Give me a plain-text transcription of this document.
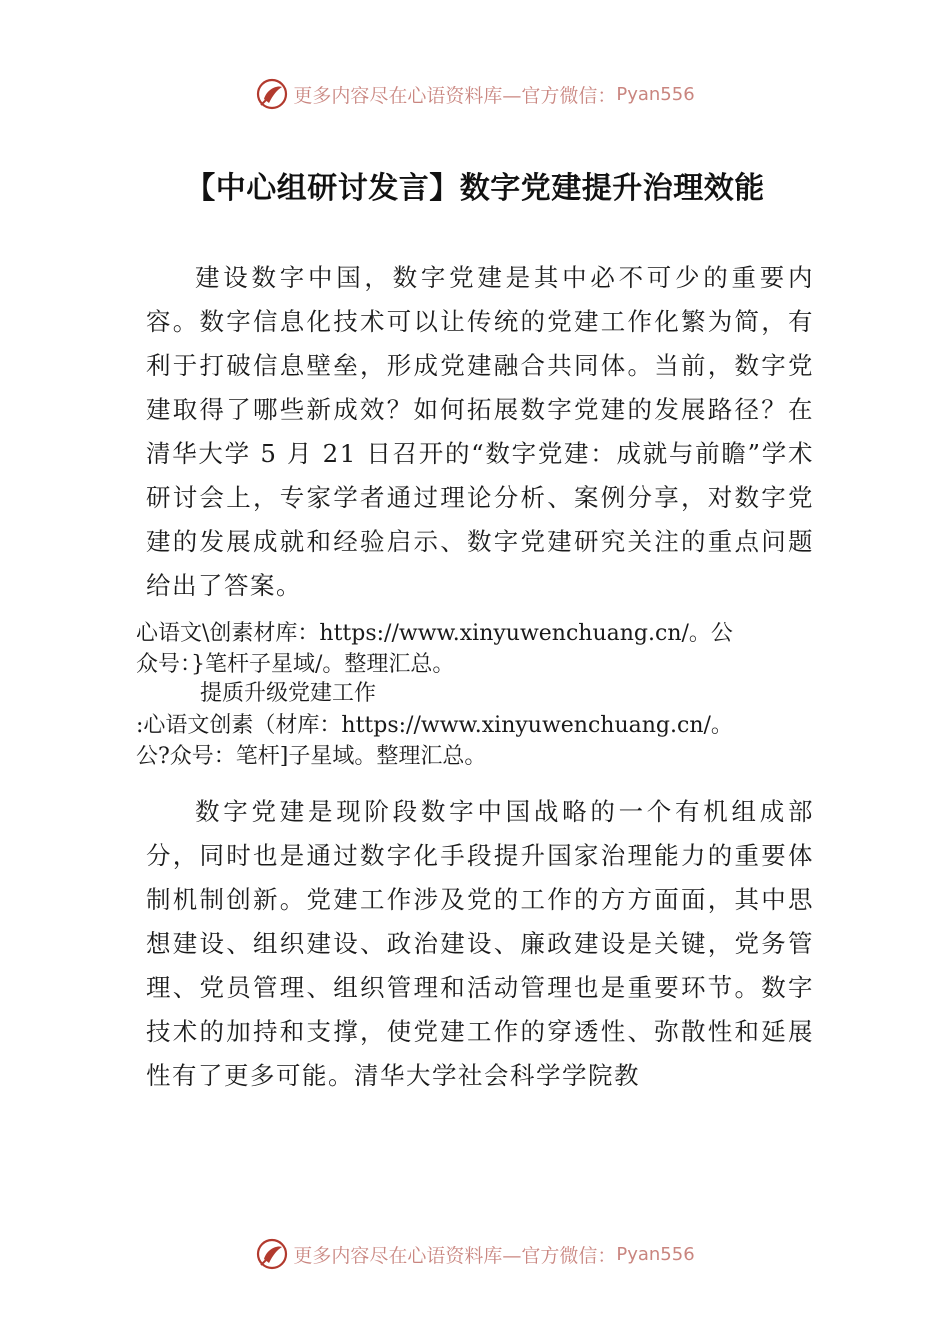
更多内容尽在心语资料库—官方微信： Pyan556
【中心组研讨发言】数字党建提升治理效能

建设数字中国，数字党建是其中必不可少的重要内容。数字信息化技术可以让传统的党建工作化繁为简，有利于打破信息壁垒，形成党建融合共同体。当前，数字党建取得了哪些新成效？如何拓展数字党建的发展路径？在清华大学 5 月 21 日召开的“数字党建：成就与前瞻”学术研讨会上，专家学者通过理论分析、案例分享，对数字党建的发展成就和经验启示、数字党建研究关注的重点问题给出了答案。

心语文\创素材库：https://www.xinyuwenchuang.cn/。公
众号：}笔杆子星域/。整理汇总。

提质升级党建工作

:心语文创素（材库：https://www.xinyuwenchuang.cn/。
公?众号：笔杆]子星域。整理汇总。

数字党建是现阶段数字中国战略的一个有机组成部分，同时也是通过数字化手段提升国家治理能力的重要体制机制创新。党建工作涉及党的工作的方方面面，其中思想建设、组织建设、政治建设、廉政建设是关键，党务管理、党员管理、组织管理和活动管理也是重要环节。数字技术的加持和支撑，使党建工作的穿透性、弥散性和延展性有了更多可能。清华大学社会科学学院教

更多内容尽在心语资料库—官方微信： Pyan556
